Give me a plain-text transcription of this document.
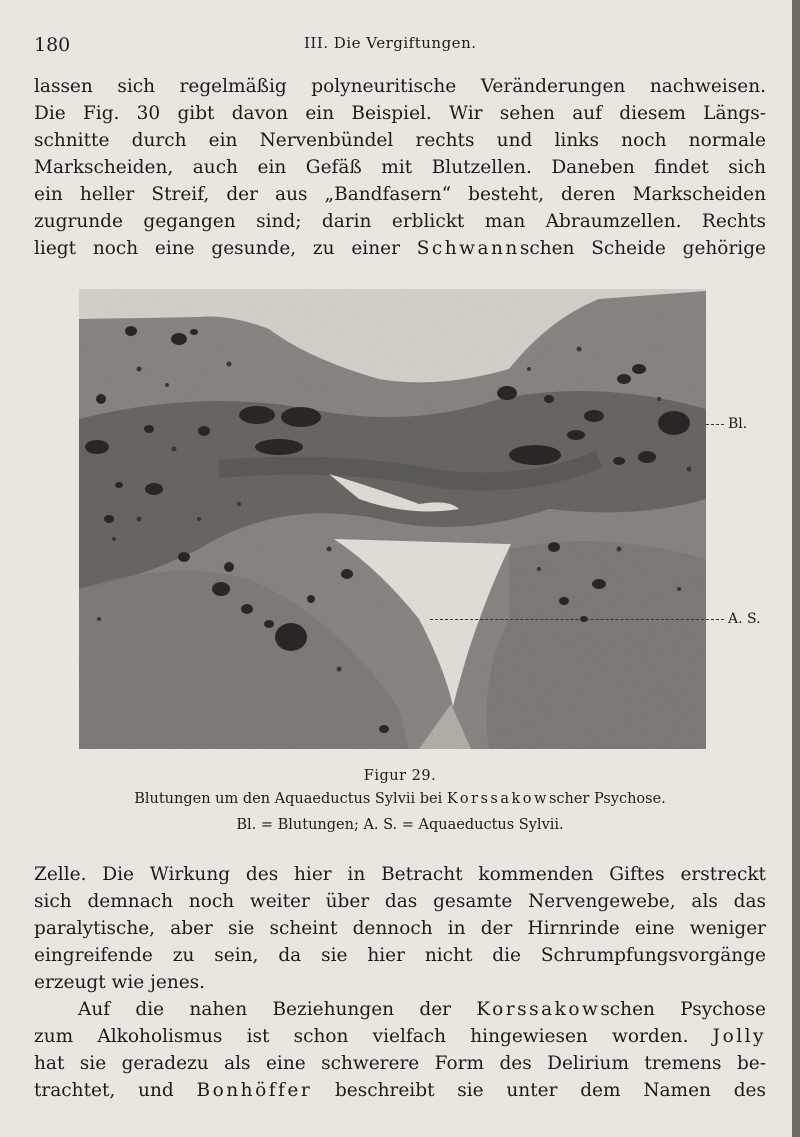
180	III. Die Vergiftungen.
lassen sich regelmäßig polyneuritische Veränderungen nachweisen.
Die Fig. 30 gibt davon ein Beispiel. Wir sehen auf diesem Längs-
schnitte durch ein Nervenbündel rechts und links noch normale
Markscheiden, auch ein Gefäß mit Blutzellen. Daneben findet sich
ein heller Streif, der aus „Bandfasern“ besteht, deren Markscheiden
zugrunde gegangen sind; darin erblickt man Abraumzellen. Rechts
liegt noch eine gesunde, zu einer Schwannschen Scheide gehörige
Bl.
A. S.
Figur 29.
Blutungen um den Aquaeductus Sylvii bei Korssakowscher Psychose.
Bl. = Blutungen; A. S. = Aquaeductus Sylvii.
Zelle. Die Wirkung des hier in Betracht kommenden Giftes erstreckt
sich demnach noch weiter über das gesamte Nervengewebe, als das
paralytische, aber sie scheint dennoch in der Hirnrinde eine weniger
eingreifende zu sein, da sie hier nicht die Schrumpfungsvorgänge
erzeugt wie jenes.
Auf die nahen Beziehungen der Korssakowschen Psychose
zum Alkoholismus ist schon vielfach hingewiesen worden. Jolly
hat sie geradezu als eine schwerere Form des Delirium tremens be-
trachtet, und Bonhöffer beschreibt sie unter dem Namen des
